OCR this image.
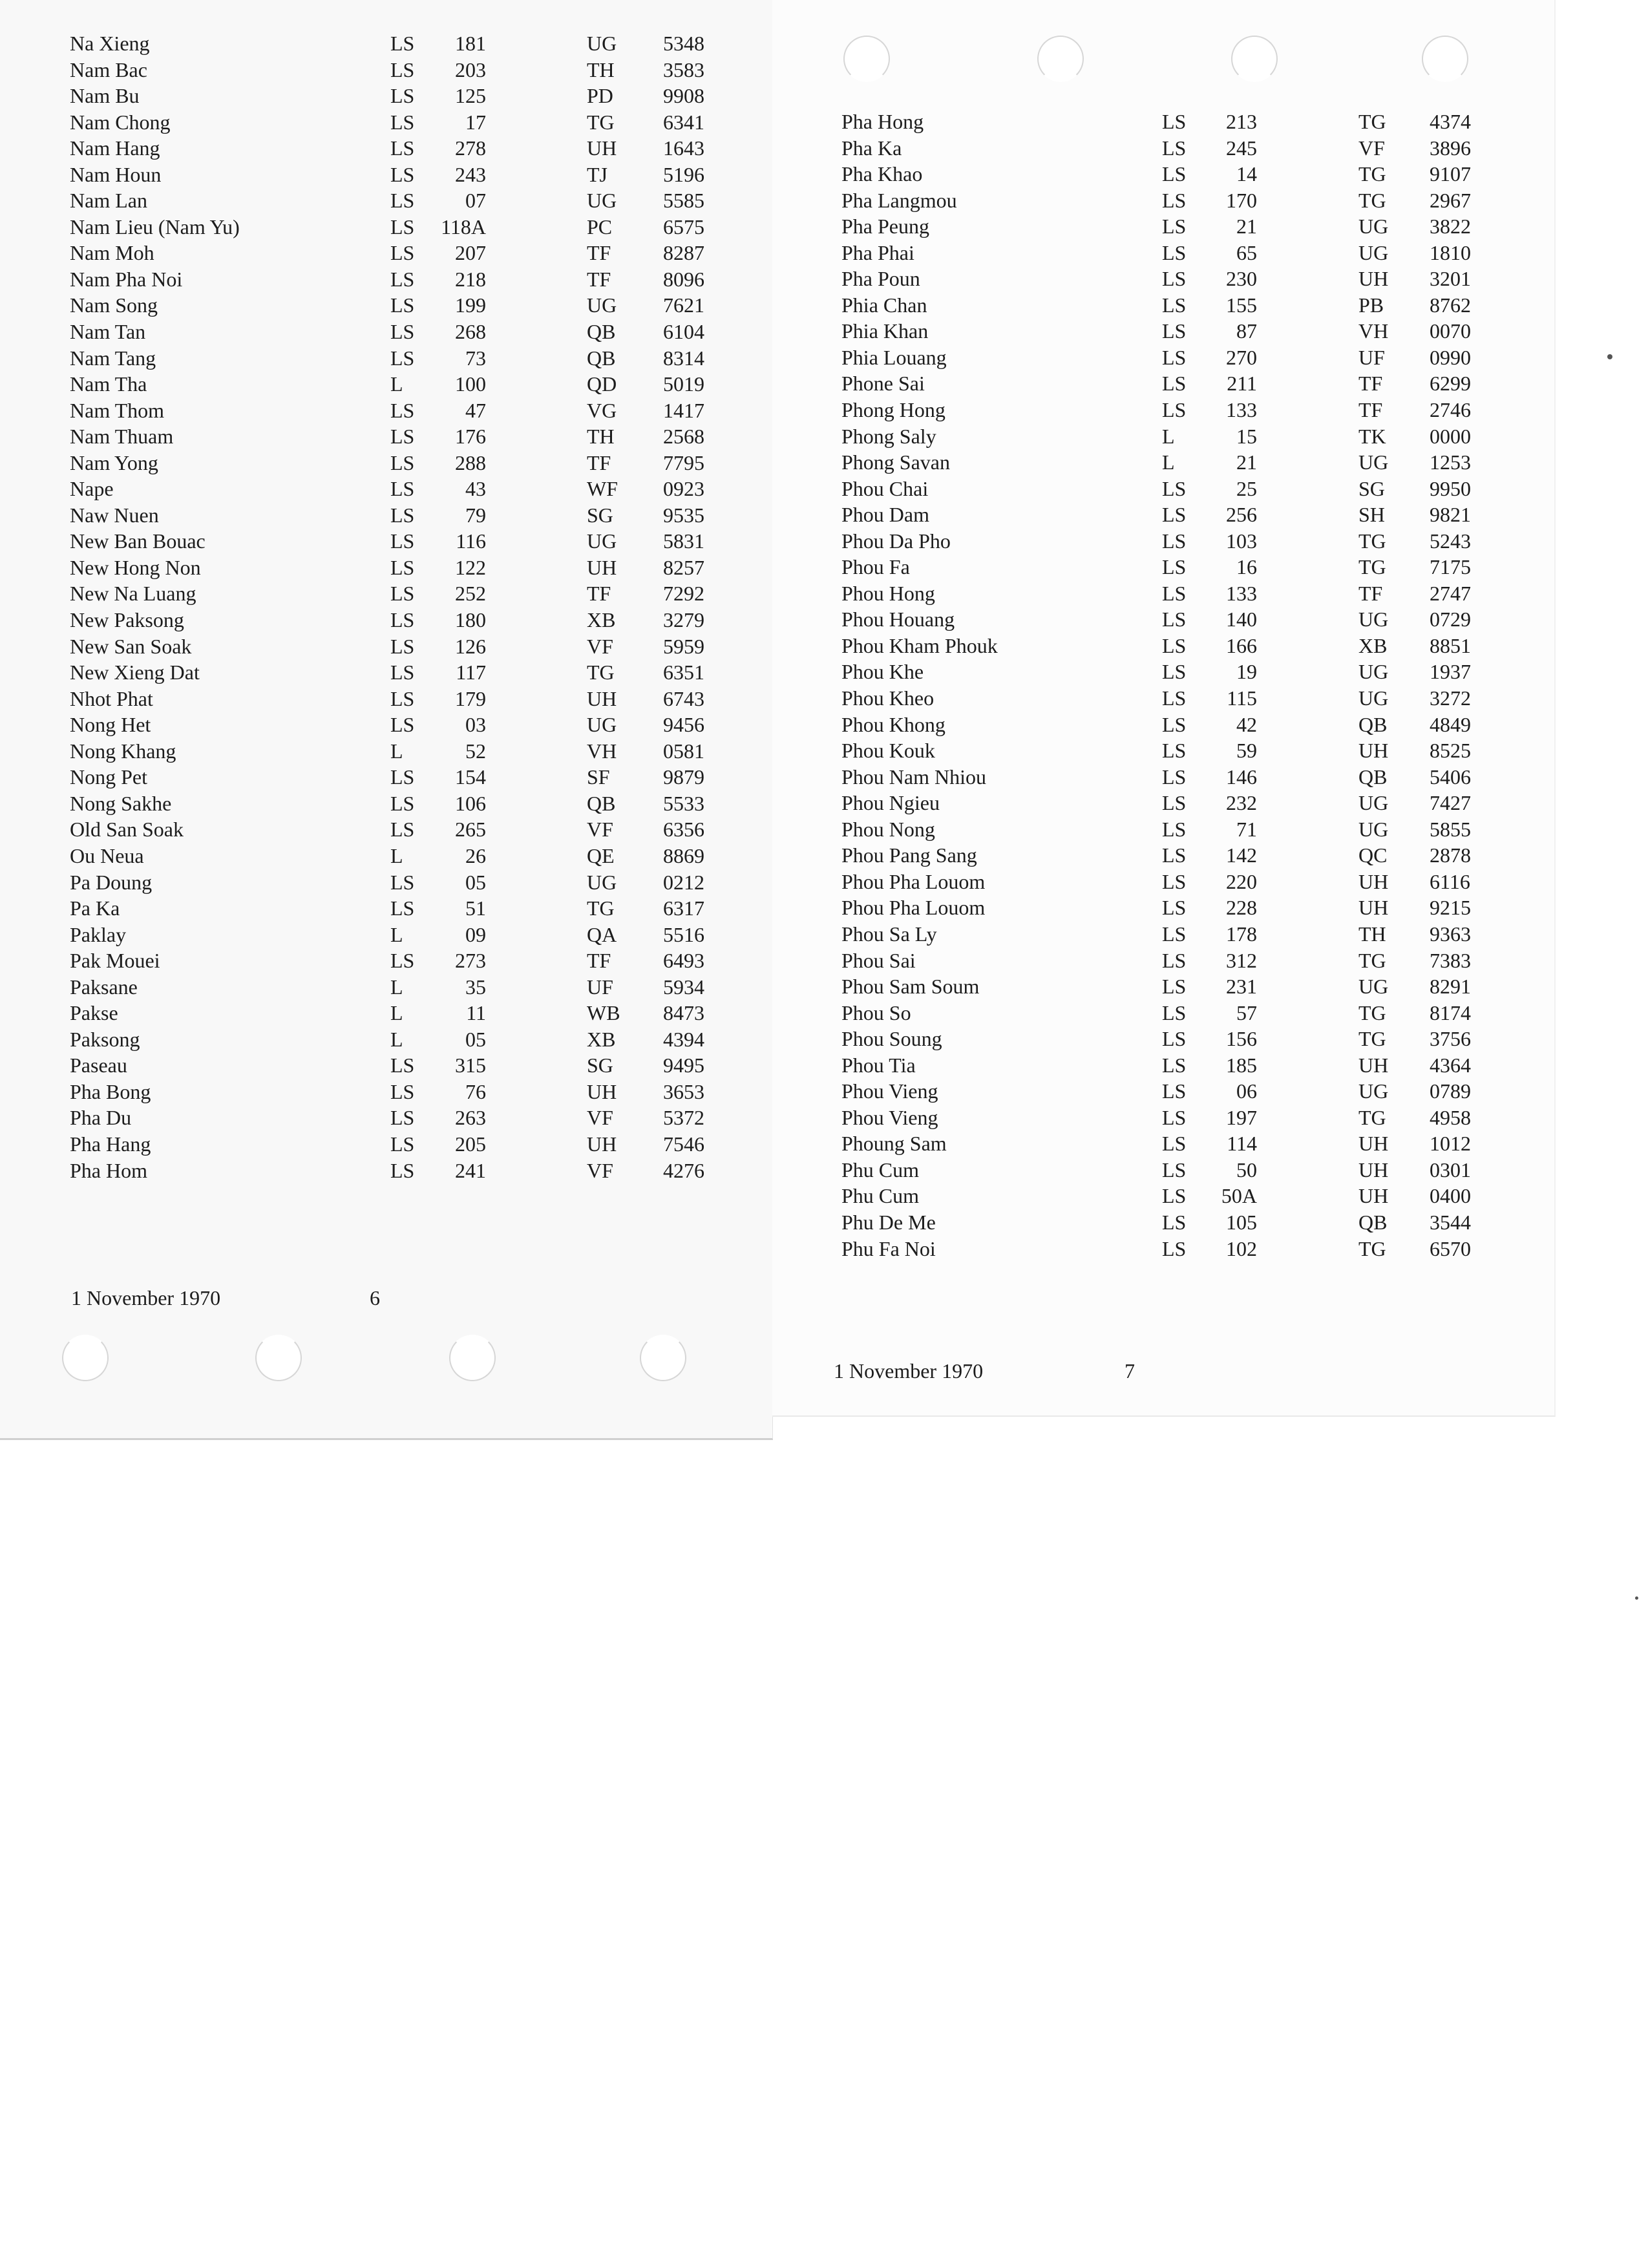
Na Xieng	LS	181	UG 5348
Nam Bac	LS	203	TH 3583
Nam Bu	LS	125	PD 9908
Nam Chong	LS	17	TG 6341
Nam Hang	LS	278	UH 1643
Nam Houn	LS	243	TJ	5196
Nam Lan	LS	07	UG 5585
Nam Lieu (Nam Yu)	LS	118A	PC 6575
Nam Moh	LS	207	TF	8287
Nam Pha Noi	LS	218	TF	8096
Nam Song	LS	199	UG 7621
Nam Tan	LS	268	QB 6104
Nam Tang	LS	73	QB 8314
Nam Tha	L	100	QD 5019
Nam Thom	LS	47	VG 1417
Nam Thuam	LS	176	TH 2568
Nam Yong	LS	288	TF	7795
Nape	LS	43	WF 0923
Naw Nuen	LS	79	SG 9535
New Ban Bouac	LS	116	UG 5831
New Hong Non	LS	122	UH 8257
New Na Luang	LS	252	TF	7292
New Paksong	LS	180	XB 3279
New San Soak	LS	126	VF 5959
New Xieng Dat	LS	117	TG 6351
Nhot Phat	LS	179	UH 6743
Nong Het	LS	03	UG 9456
Nong Khang	L	52	VH 0581
Nong Pet	LS	154	SF	9879
Nong Sakhe	LS	106	QB 5533
Old San Soak	LS	265	VF 6356
Ou Neua	L	26	QE 8869
Pa Doung	LS	05	UG 0212
Pa Ka	LS	51	TG 6317
Paklay	L	09	QA 5516
Pak Mouei	LS	273	TF	6493
Paksane	L	35	UF 5934
Pakse	L	11	WB 8473
Paksong	L	05	XB 4394
Paseau	LS	315	SG 9495
Pha Bong	LS	76	UH 3653
Pha Du	LS	263	VF 5372
Pha Hang	LS	205	UH 7546
Pha Hom	LS	241	VF 4276
1 November 1970	6
Pha Hong	LS	213	TG 4374
Pha Ka	LS	245	VF 3896
Pha Khao	LS	14	TG 9107
Pha Langmou	LS	170	TG 2967
Pha Peung	LS	21	UG 3822
Pha Phai	LS	65	UG 1810
Pha Poun	LS	230	UH 3201
Phia Chan	LS	155	PB 8762
Phia Khan	LS	87	VH 0070
Phia Louang	LS	270	UF 0990
Phone Sai	LS	211	TF 6299
Phong Hong	LS	133	TF 2746
Phong Saly	L	15	TK 0000
Phong Savan	L	21	UG 1253
Phou Chai	LS	25	SG 9950
Phou Dam	LS	256	SH 9821
Phou Da Pho	LS	103	TG 5243
Phou Fa	LS	16	TG 7175
Phou Hong	LS	133	TF 2747
Phou Houang	LS	140	UG 0729
Phou Kham Phouk	LS	166	XB 8851
Phou Khe	LS	19	UG 1937
Phou Kheo	LS	115	UG 3272
Phou Khong	LS	42	QB 4849
Phou Kouk	LS	59	UH 8525
Phou Nam Nhiou	LS	146	QB 5406
Phou Ngieu	LS	232	UG 7427
Phou Nong	LS	71	UG 5855
Phou Pang Sang	LS	142	QC 2878
Phou Pha Louom	LS	220	UH 6116
Phou Pha Louom	LS	228	UH 9215
Phou Sa Ly	LS	178	TH 9363
Phou Sai	LS	312	TG 7383
Phou Sam Soum	LS	231	UG 8291
Phou So	LS	57	TG 8174
Phou Soung	LS	156	TG 3756
Phou Tia	LS	185	UH 4364
Phou Vieng	LS	06	UG 0789
Phou Vieng	LS	197	TG 4958
Phoung Sam	LS	114	UH 1012
Phu Cum	LS	50	UH 0301
Phu Cum	LS	50A	UH 0400
Phu De Me	LS	105	QB 3544
Phu Fa Noi	LS	102	TG 6570
1 November 1970	7
